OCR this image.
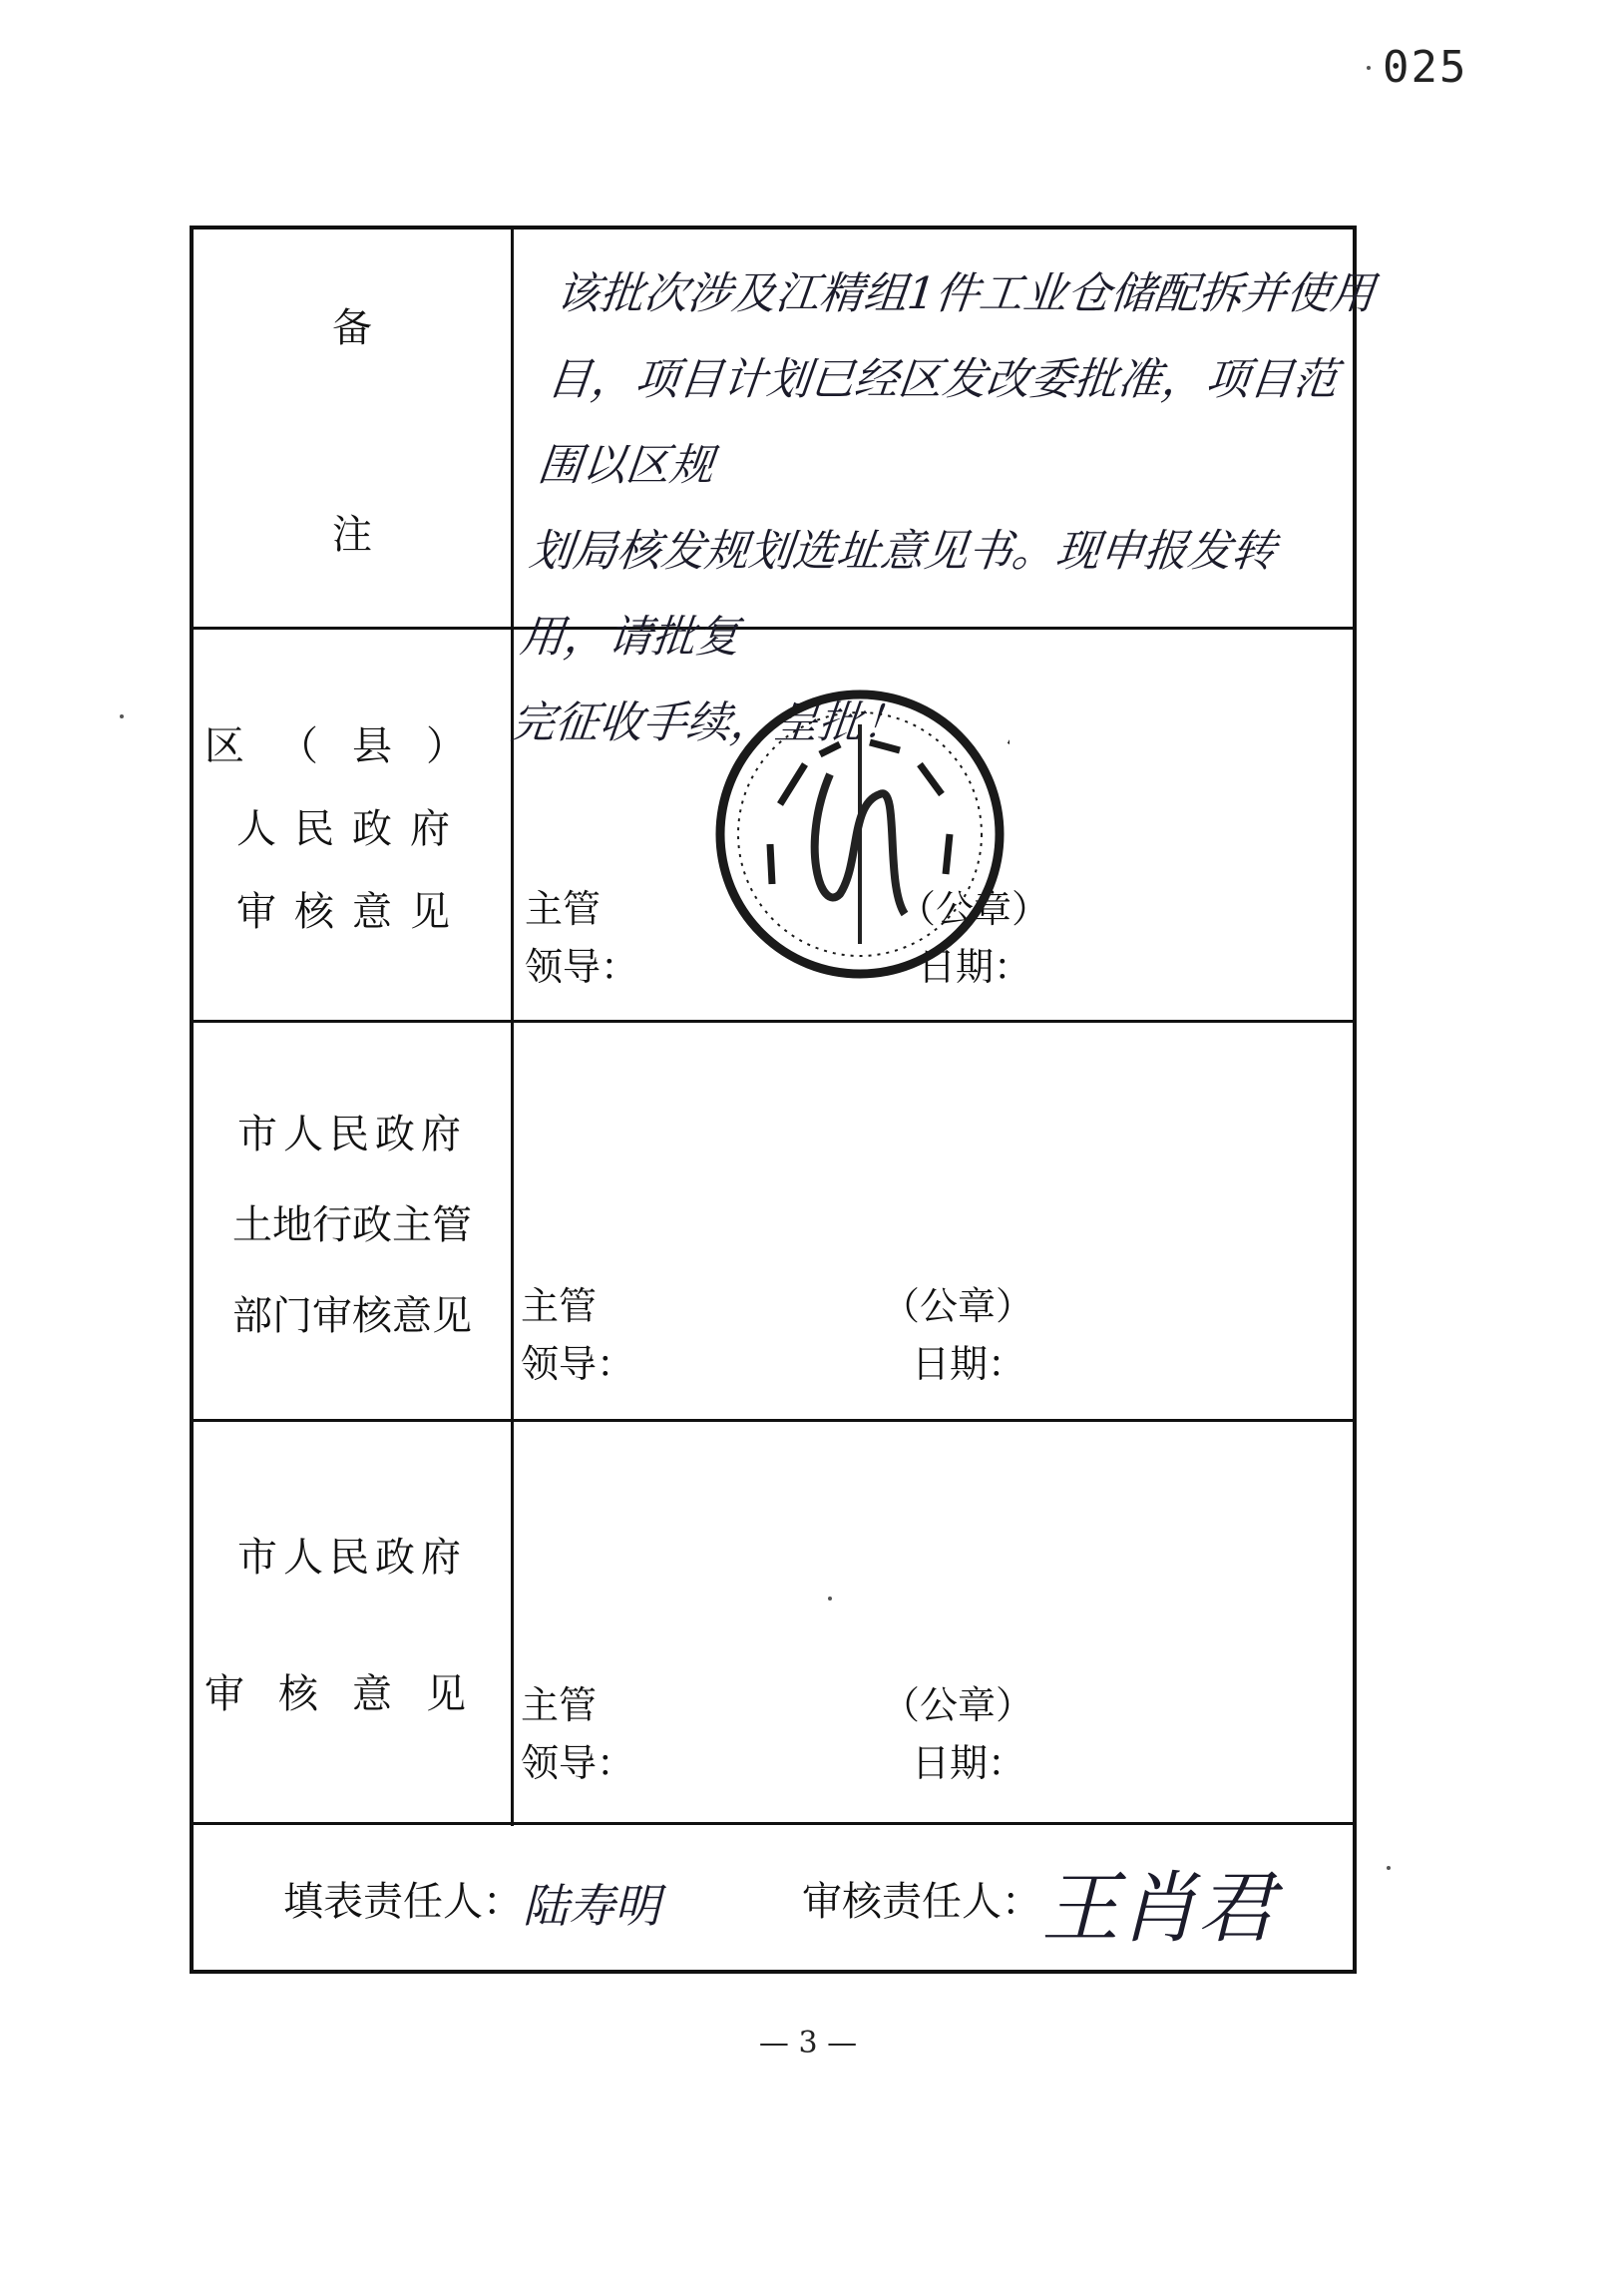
025
备
注
该批次涉及江精组1件工业仓储配拆并使用
目，项目计划已经区发改委批准，项目范围以区规
划局核发规划选址意见书。现申报发转用，请批复
完征收手续，呈批！
区（县）
人民政府
审核意见 主管
领导：
（公章）
日期：
市人民政府
土地行政主管
部门审核意见 主管
领导：
（公章）
日期：
市人民政府
审核意见 主管
领导：
（公章）
日期：
填表责任人： 陆寿明	审核责任人： 王肖君
— 3 —
